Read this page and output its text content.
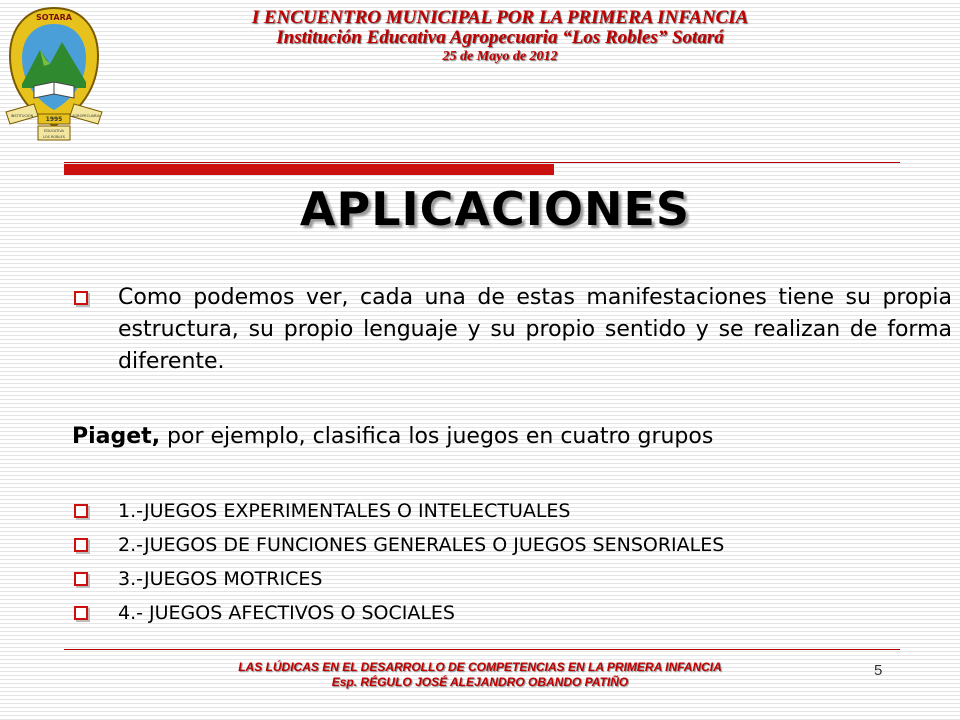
SOTARA
INSTITUCIÓN	AGROPECUARIA
1995
EDUCATIVA
LOS ROBLES
I ENCUENTRO MUNICIPAL POR LA PRIMERA INFANCIA
Institución Educativa Agropecuaria “Los Robles” Sotará
25 de Mayo de 2012
APLICACIONES
Como podemos ver, cada una de estas manifestaciones tiene su propia estructura, su propio lenguaje y su propio sentido y se realizan de forma diferente.
Piaget, por ejemplo, clasifica los juegos en cuatro grupos
1.-JUEGOS EXPERIMENTALES O INTELECTUALES
2.-JUEGOS DE FUNCIONES GENERALES O JUEGOS SENSORIALES
3.-JUEGOS MOTRICES
4.- JUEGOS AFECTIVOS O SOCIALES
LAS LÚDICAS EN EL DESARROLLO DE COMPETENCIAS EN LA PRIMERA INFANCIA
Esp. RÉGULO JOSÉ ALEJANDRO OBANDO PATIÑO
5
